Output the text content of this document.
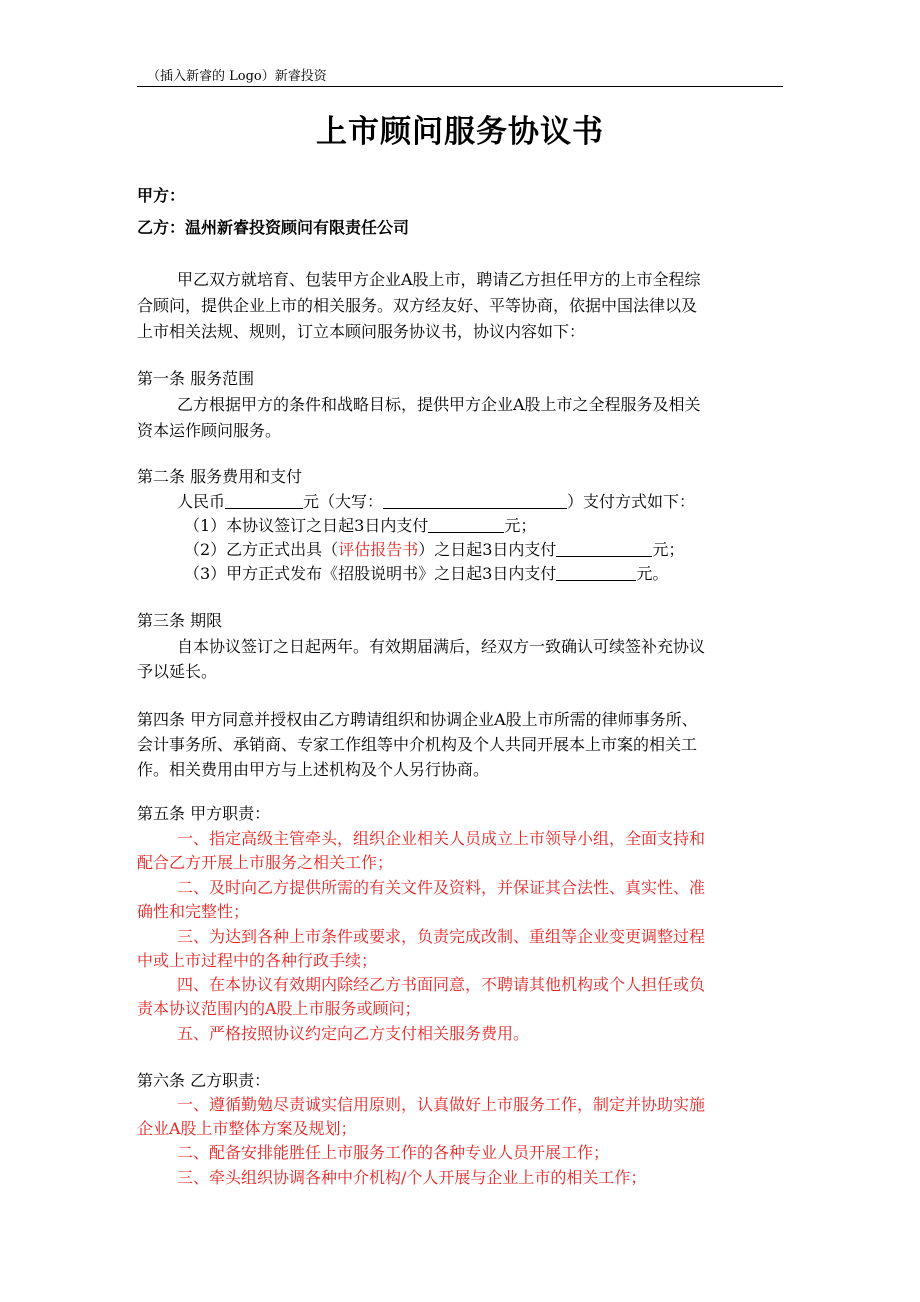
（插入新睿的 Logo）新睿投资
上市顾问服务协议书
甲方：
乙方：温州新睿投资顾问有限责任公司
甲乙双方就培育、包装甲方企业A股上市，聘请乙方担任甲方的上市全程综
合顾问，提供企业上市的相关服务。双方经友好、平等协商，依据中国法律以及
上市相关法规、规则，订立本顾问服务协议书，协议内容如下：
第一条 服务范围
乙方根据甲方的条件和战略目标，提供甲方企业A股上市之全程服务及相关
资本运作顾问服务。
第二条 服务费用和支付
人民币	元（大写：	）支付方式如下：
（1）本协议签订之日起3日内支付	元；
（2）乙方正式出具（评估报告书）之日起3日内支付	元；
（3）甲方正式发布《招股说明书》之日起3日内支付	元。
第三条 期限
自本协议签订之日起两年。有效期届满后，经双方一致确认可续签补充协议
予以延长。
第四条 甲方同意并授权由乙方聘请组织和协调企业A股上市所需的律师事务所、
会计事务所、承销商、专家工作组等中介机构及个人共同开展本上市案的相关工
作。相关费用由甲方与上述机构及个人另行协商。
第五条 甲方职责：
一、指定高级主管牵头，组织企业相关人员成立上市领导小组，全面支持和
配合乙方开展上市服务之相关工作；
二、及时向乙方提供所需的有关文件及资料，并保证其合法性、真实性、准
确性和完整性；
三、为达到各种上市条件或要求，负责完成改制、重组等企业变更调整过程
中或上市过程中的各种行政手续；
四、在本协议有效期内除经乙方书面同意，不聘请其他机构或个人担任或负
责本协议范围内的A股上市服务或顾问；
五、严格按照协议约定向乙方支付相关服务费用。
第六条 乙方职责：
一、遵循勤勉尽责诚实信用原则，认真做好上市服务工作，制定并协助实施
企业A股上市整体方案及规划；
二、配备安排能胜任上市服务工作的各种专业人员开展工作；
三、牵头组织协调各种中介机构/个人开展与企业上市的相关工作；
